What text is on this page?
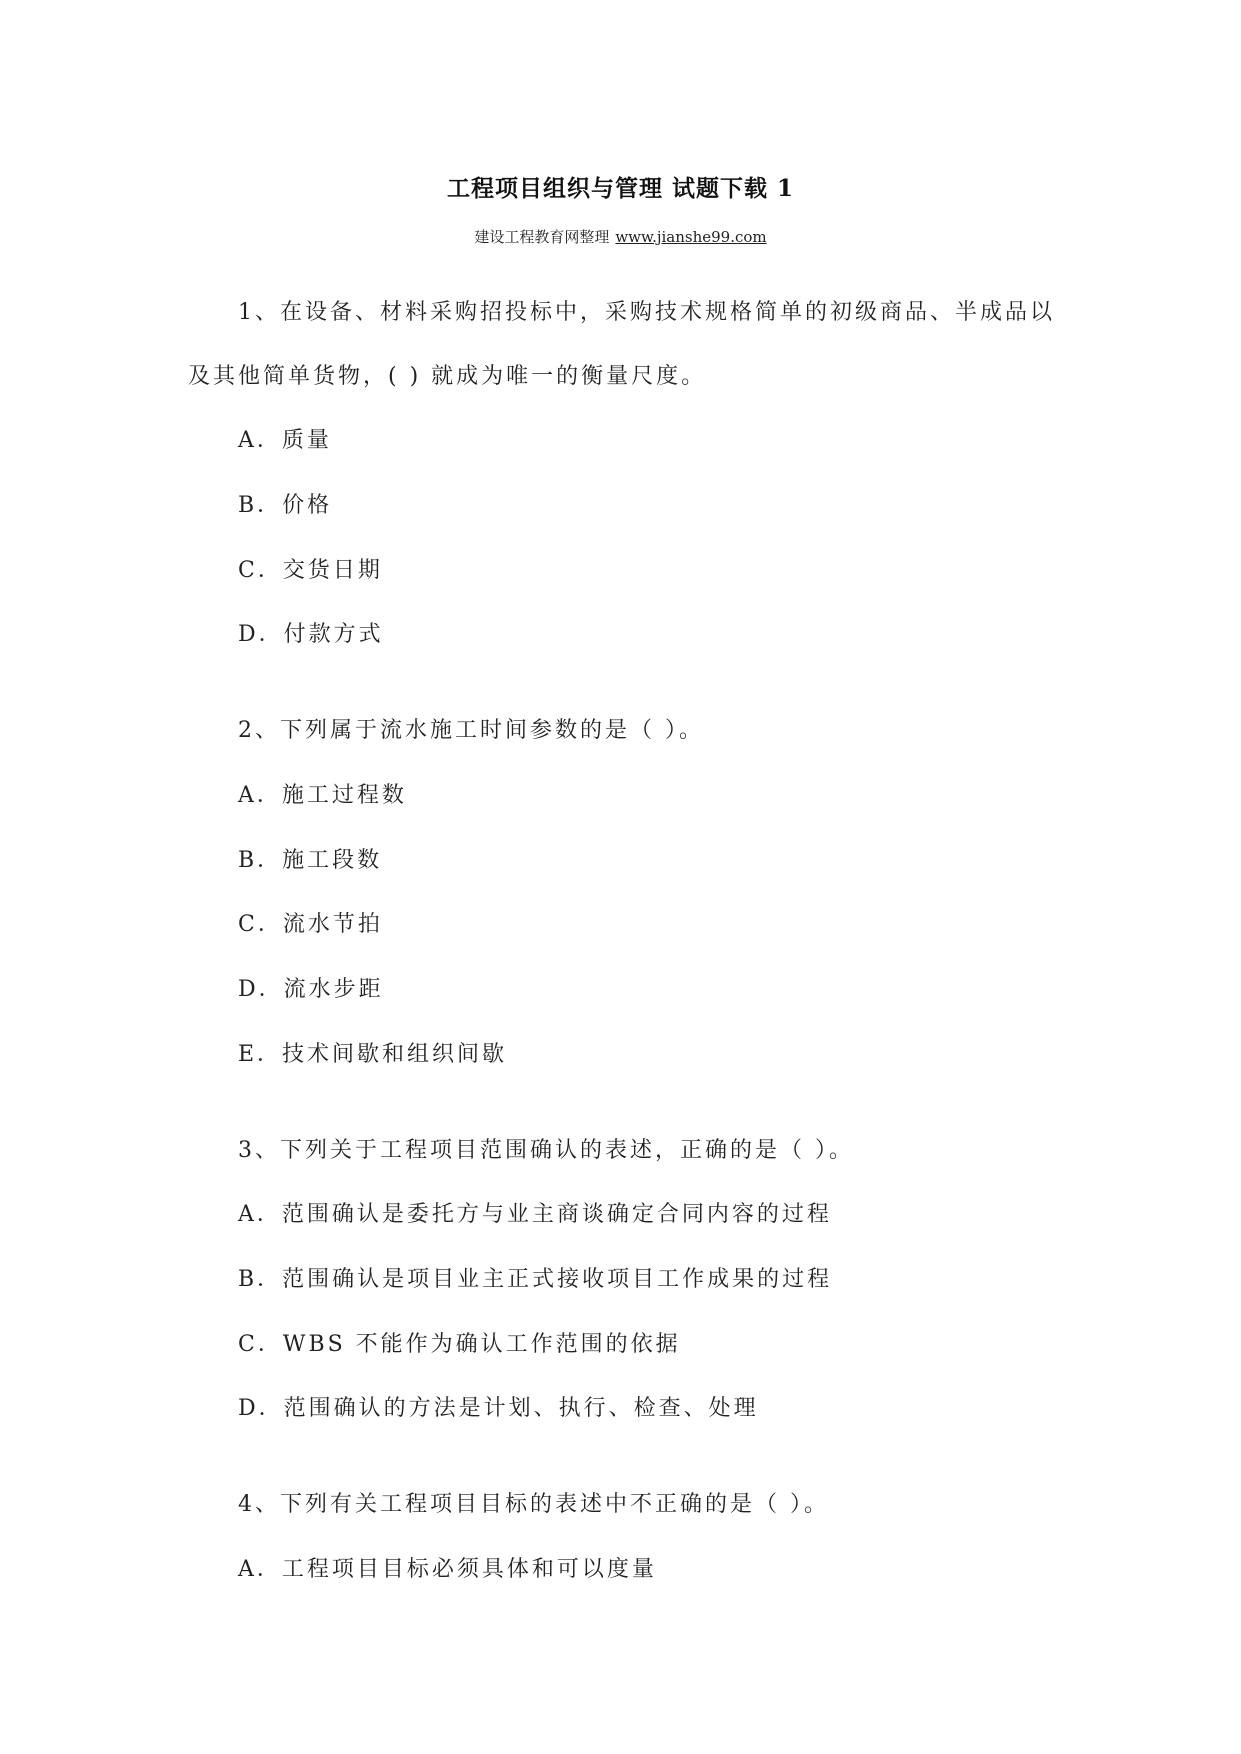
工程项目组织与管理 试题下载 1
建设工程教育网整理 www.jianshe99.com
1、在设备、材料采购招投标中，采购技术规格简单的初级商品、半成品以
及其他简单货物，( ) 就成为唯一的衡量尺度。
A．质量
B．价格
C．交货日期
D．付款方式
2、下列属于流水施工时间参数的是（ ）。
A．施工过程数
B．施工段数
C．流水节拍
D．流水步距
E．技术间歇和组织间歇
3、下列关于工程项目范围确认的表述，正确的是（ ）。
A．范围确认是委托方与业主商谈确定合同内容的过程
B．范围确认是项目业主正式接收项目工作成果的过程
C．WBS 不能作为确认工作范围的依据
D．范围确认的方法是计划、执行、检查、处理
4、下列有关工程项目目标的表述中不正确的是（ ）。
A．工程项目目标必须具体和可以度量
